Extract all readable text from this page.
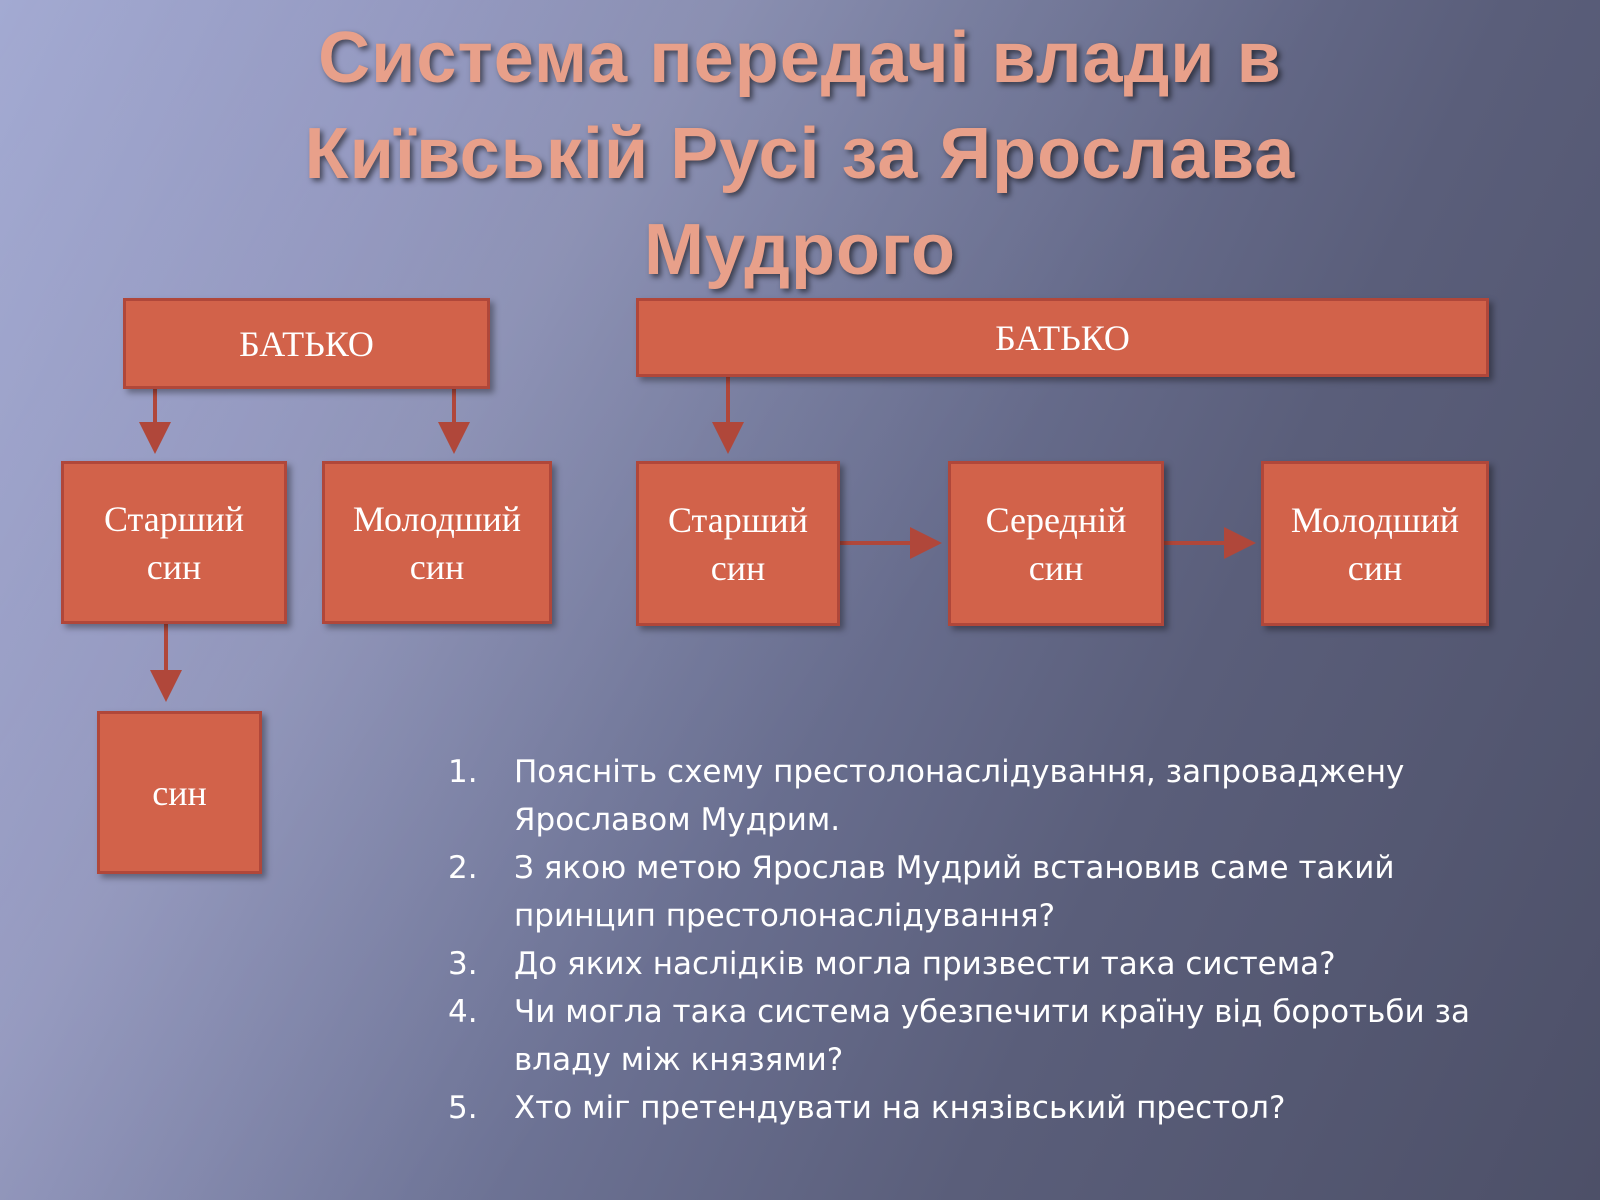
Система передачі влади в
Київській Русі за Ярослава
Мудрого
БАТЬКО
Старший
син
Молодший
син
син
БАТЬКО
Старший
син
Середній
син
Молодший
син
1.	Поясніть схему престолонаслідування, запроваджену
Ярославом Мудрим.
2.	З якою метою Ярослав Мудрий встановив саме такий
принцип престолонаслідування?
3.	До яких наслідків могла призвести така система?
4.	Чи могла така система убезпечити країну від боротьби за
владу між князями?
5.	Хто міг претендувати на князівський престол?
